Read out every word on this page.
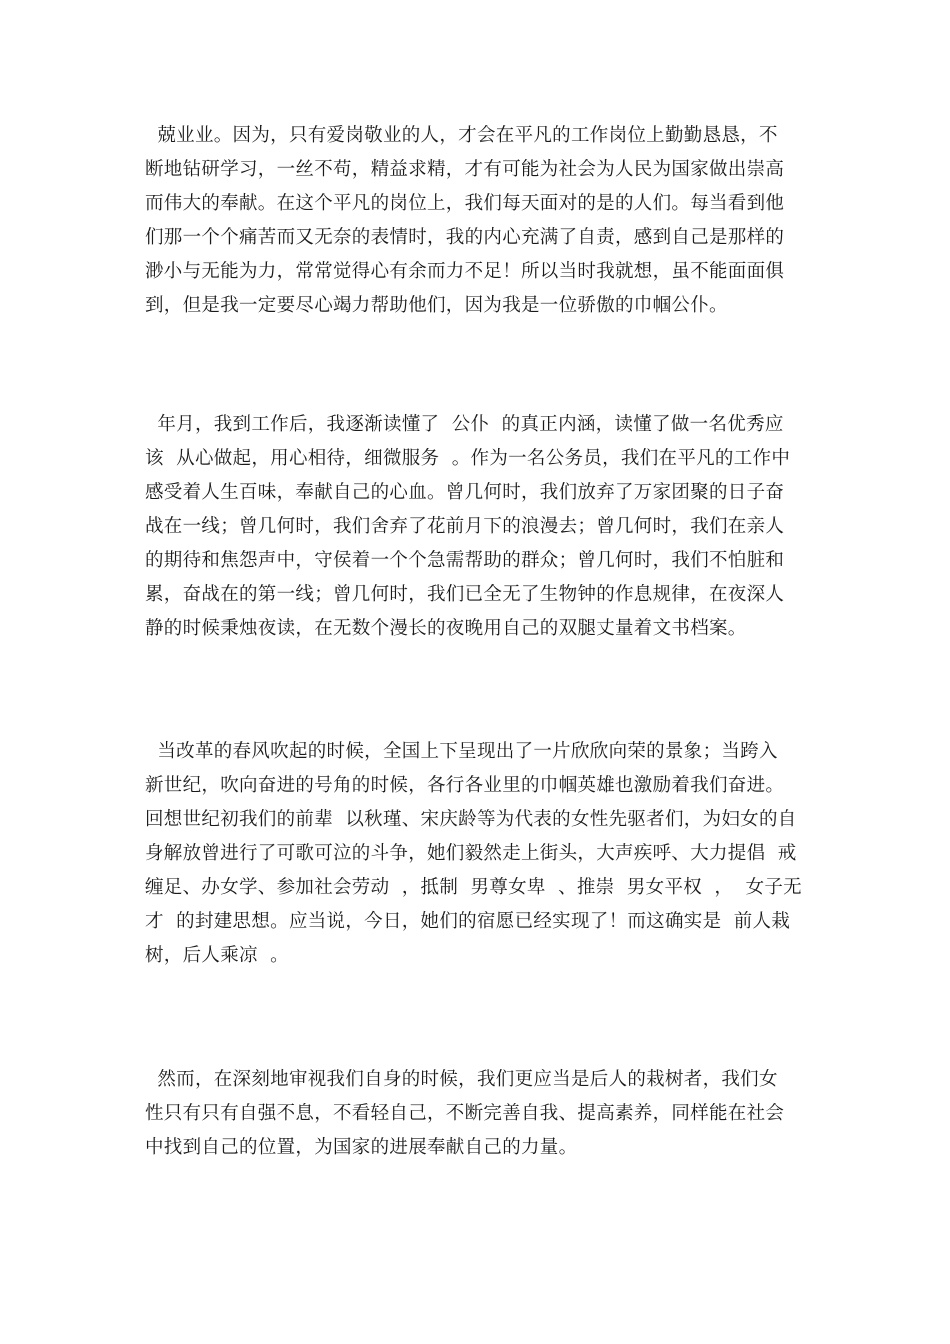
兢业业。因为，只有爱岗敬业的人，才会在平凡的工作岗位上勤勤恳恳，不
断地钻研学习，一丝不苟，精益求精，才有可能为社会为人民为国家做出崇高
而伟大的奉献。在这个平凡的岗位上，我们每天面对的是的人们。每当看到他
们那一个个痛苦而又无奈的表情时，我的内心充满了自责，感到自己是那样的
渺小与无能为力，常常觉得心有余而力不足！所以当时我就想，虽不能面面俱
到，但是我一定要尽心竭力帮助他们，因为我是一位骄傲的巾帼公仆。
年月，我到工作后，我逐渐读懂了  公仆  的真正内涵，读懂了做一名优秀应
该  从心做起，用心相待，细微服务  。作为一名公务员，我们在平凡的工作中
感受着人生百味，奉献自己的心血。曾几何时，我们放弃了万家团聚的日子奋
战在一线；曾几何时，我们舍弃了花前月下的浪漫去；曾几何时，我们在亲人
的期待和焦怨声中，守侯着一个个急需帮助的群众；曾几何时，我们不怕脏和
累，奋战在的第一线；曾几何时，我们已全无了生物钟的作息规律，在夜深人
静的时候秉烛夜读，在无数个漫长的夜晚用自己的双腿丈量着文书档案。
当改革的春风吹起的时候，全国上下呈现出了一片欣欣向荣的景象；当跨入
新世纪，吹向奋进的号角的时候，各行各业里的巾帼英雄也激励着我们奋进。
回想世纪初我们的前辈  以秋瑾、宋庆龄等为代表的女性先驱者们，为妇女的自
身解放曾进行了可歌可泣的斗争，她们毅然走上街头，大声疾呼、大力提倡  戒
缠足、办女学、参加社会劳动  ，抵制  男尊女卑  、推崇  男女平权  ，  女子无
才  的封建思想。应当说，今日，她们的宿愿已经实现了！而这确实是  前人栽
树，后人乘凉  。
然而，在深刻地审视我们自身的时候，我们更应当是后人的栽树者，我们女
性只有只有自强不息，不看轻自己，不断完善自我、提高素养，同样能在社会
中找到自己的位置，为国家的进展奉献自己的力量。
